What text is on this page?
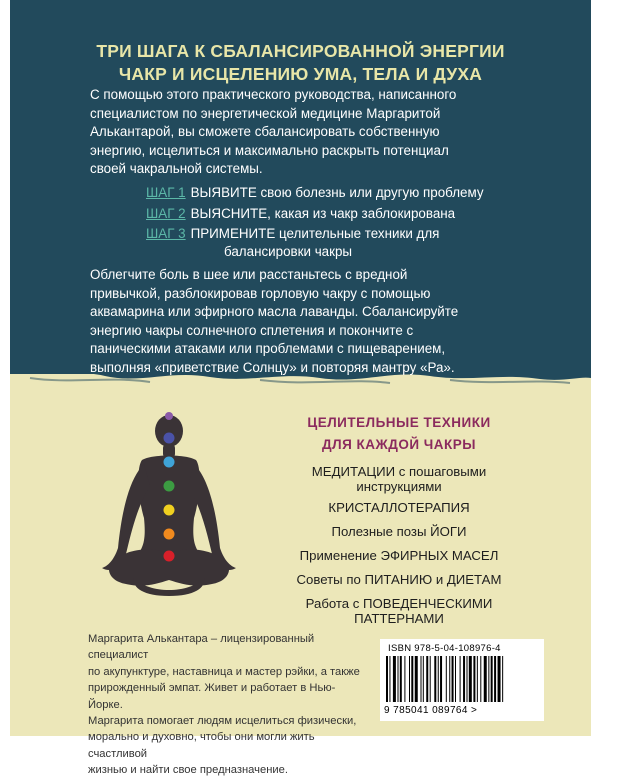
ТРИ ШАГА К СБАЛАНСИРОВАННОЙ ЭНЕРГИИ
ЧАКР И ИСЦЕЛЕНИЮ УМА, ТЕЛА И ДУХА
С помощью этого практического руководства, написанного
специалистом по энергетической медицине Маргаритой
Алькантарой, вы сможете сбалансировать собственную
энергию, исцелиться и максимально раскрыть потенциал
своей чакральной системы.
ШАГ 1 ВЫЯВИТЕ свою болезнь или другую проблему
ШАГ 2 ВЫЯСНИТЕ, какая из чакр заблокирована
ШАГ 3 ПРИМЕНИТЕ целительные техники для
балансировки чакры
Облегчите боль в шее или расстаньтесь с вредной
привычкой, разблокировав горловую чакру с помощью
аквамарина или эфирного масла лаванды. Сбалансируйте
энергию чакры солнечного сплетения и покончите с
паническими атаками или проблемами с пищеварением,
выполняя «приветствие Солнцу» и повторяя мантру «Ра».
ЦЕЛИТЕЛЬНЫЕ ТЕХНИКИ
ДЛЯ КАЖДОЙ ЧАКРЫ
МЕДИТАЦИИ с пошаговыми
инструкциями
КРИСТАЛЛОТЕРАПИЯ
Полезные позы ЙОГИ
Применение ЭФИРНЫХ МАСЕЛ
Советы по ПИТАНИЮ и ДИЕТАМ
Работа с ПОВЕДЕНЧЕСКИМИ
ПАТТЕРНАМИ
Маргарита Алькантара – лицензированный специалист
по акупунктуре, наставница и мастер рэйки, а также
прирожденный эмпат. Живет и работает в Нью-Йорке.
Маргарита помогает людям исцелиться физически,
морально и духовно, чтобы они могли жить счастливой
жизнью и найти свое предназначение.
ISBN 978-5-04-108976-4
9 785041 089764 >
